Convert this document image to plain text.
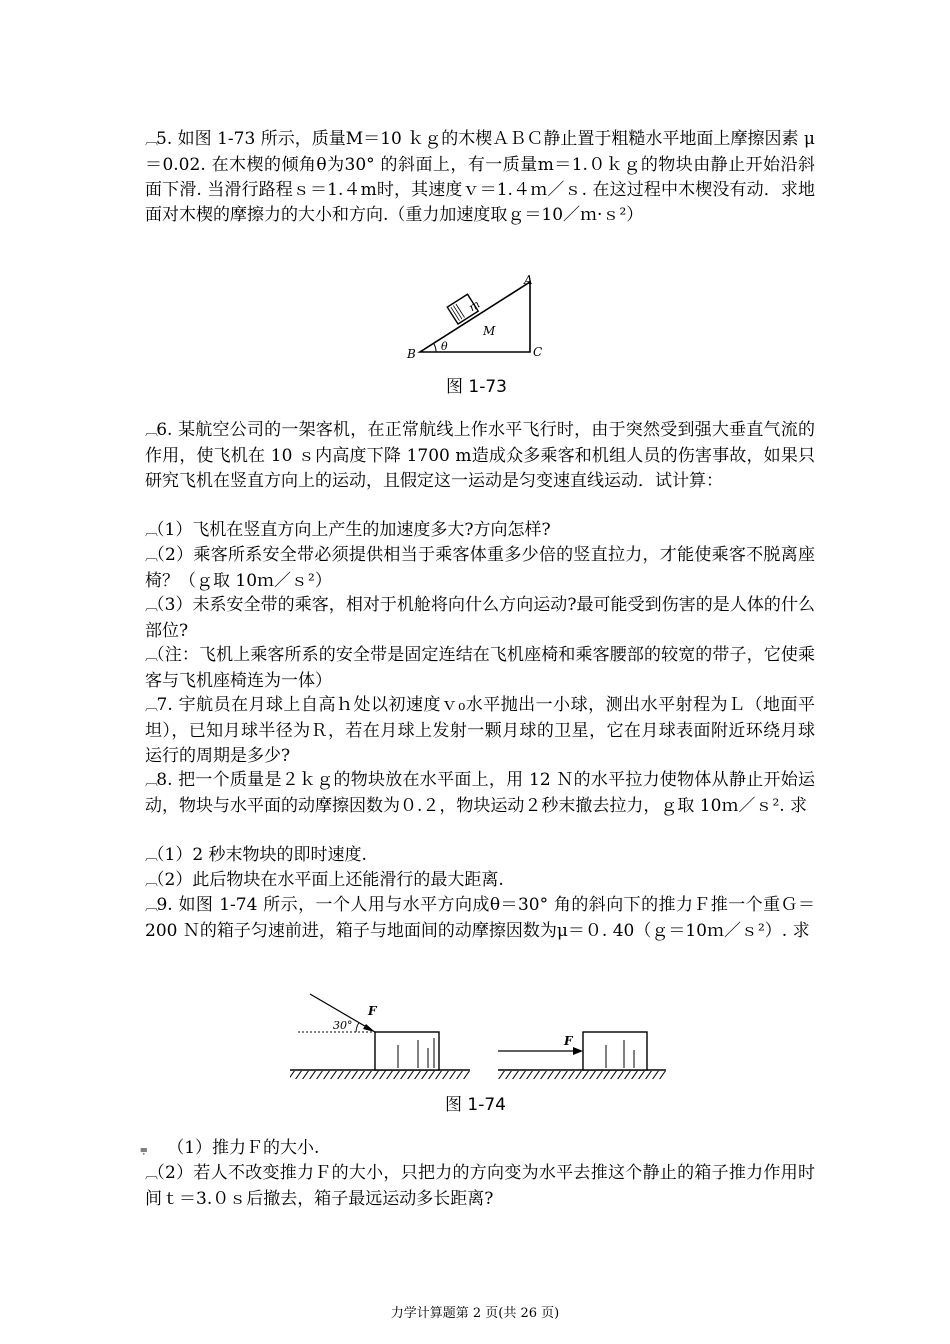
︹5. 如图 1-73 所示，质量M＝10 ｋｇ的木楔ＡＢＣ静止置于粗糙水平地面上摩擦因素 μ＝0.02. 在木楔的倾角θ为30° 的斜面上，有一质量m＝1.０ｋｇ的物块由静止开始沿斜面下滑. 当滑行路程ｓ＝1.４m时，其速度ｖ＝1.４ｍ／ｓ. 在这过程中木楔没有动．求地面对木楔的摩擦力的大小和方向.（重力加速度取ｇ＝10／ｍ·ｓ²）

A
B	C
m
M
θ
图 1-73

︹6. 某航空公司的一架客机，在正常航线上作水平飞行时，由于突然受到强大垂直气流的作用，使飞机在 10 ｓ内高度下降 1700 m造成众多乘客和机组人员的伤害事故，如果只研究飞机在竖直方向上的运动，且假定这一运动是匀变速直线运动．试计算：

︹（1）飞机在竖直方向上产生的加速度多大?方向怎样?

︹（2）乘客所系安全带必须提供相当于乘客体重多少倍的竖直拉力，才能使乘客不脱离座椅？（ｇ取 10ｍ／ｓ²）

︹（3）未系安全带的乘客，相对于机舱将向什么方向运动?最可能受到伤害的是人体的什么部位?

︹（注：飞机上乘客所系的安全带是固定连结在飞机座椅和乘客腰部的较宽的带子，它使乘客与飞机座椅连为一体）

︹7. 宇航员在月球上自高ｈ处以初速度ｖ₀水平抛出一小球，测出水平射程为Ｌ（地面平坦），已知月球半径为Ｒ，若在月球上发射一颗月球的卫星，它在月球表面附近环绕月球运行的周期是多少?

︹8. 把一个质量是２ｋｇ的物块放在水平面上，用 12 Ｎ的水平拉力使物体从静止开始运动，物块与水平面的动摩擦因数为０.２，物块运动２秒末撤去拉力，ｇ取 10ｍ／ｓ². 求

︹（1）2 秒末物块的即时速度.

︹（2）此后物块在水平面上还能滑行的最大距离.

︹9. 如图 1-74 所示，一个人用与水平方向成θ＝30° 角的斜向下的推力Ｆ推一个重Ｇ＝200 Ｎ的箱子匀速前进，箱子与地面间的动摩擦因数为μ＝０. 40（ｇ＝10ｍ／ｓ²）. 求

30°
F
F
图 1-74

⩦ （1）推力Ｆ的大小.

︹（2）若人不改变推力Ｆ的大小，只把力的方向变为水平去推这个静止的箱子推力作用时间ｔ＝3.０ｓ后撤去，箱子最远运动多长距离?

力学计算题第 2 页(共 26 页)
